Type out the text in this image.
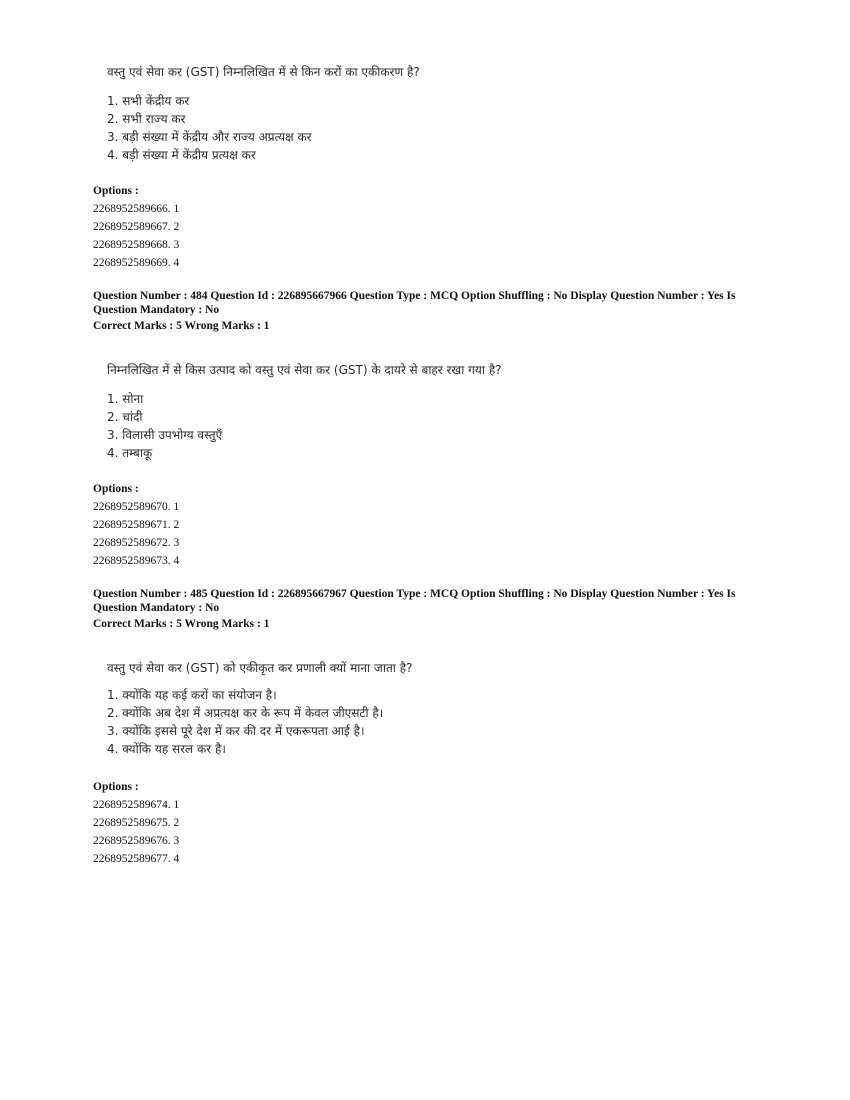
वस्तु एवं सेवा कर (GST) निम्नलिखित में से किन करों का एकीकरण है?
1. सभी केंद्रीय कर
2. सभी राज्य कर
3. बड़ी संख्या में केंद्रीय और राज्य अप्रत्यक्ष कर
4. बड़ी संख्या में केंद्रीय प्रत्यक्ष कर
Options :
2268952589666. 1
2268952589667. 2
2268952589668. 3
2268952589669. 4
Question Number : 484 Question Id : 226895667966 Question Type : MCQ Option Shuffling : No Display Question Number : Yes Is Question Mandatory : No
Correct Marks : 5 Wrong Marks : 1
निम्नलिखित में से किस उत्पाद को वस्तु एवं सेवा कर (GST) के दायरे से बाहर रखा गया है?
1. सोना
2. चांदी
3. विलासी उपभोग्य वस्तुएँ
4. तम्बाकू
Options :
2268952589670. 1
2268952589671. 2
2268952589672. 3
2268952589673. 4
Question Number : 485 Question Id : 226895667967 Question Type : MCQ Option Shuffling : No Display Question Number : Yes Is Question Mandatory : No
Correct Marks : 5 Wrong Marks : 1
वस्तु एवं सेवा कर (GST) को एकीकृत कर प्रणाली क्यों माना जाता है?
1. क्योंकि यह कई करों का संयोजन है।
2. क्योंकि अब देश में अप्रत्यक्ष कर के रूप में केवल जीएसटी है।
3. क्योंकि इससे पूरे देश में कर की दर में एकरूपता आई है।
4. क्योंकि यह सरल कर है।
Options :
2268952589674. 1
2268952589675. 2
2268952589676. 3
2268952589677. 4
